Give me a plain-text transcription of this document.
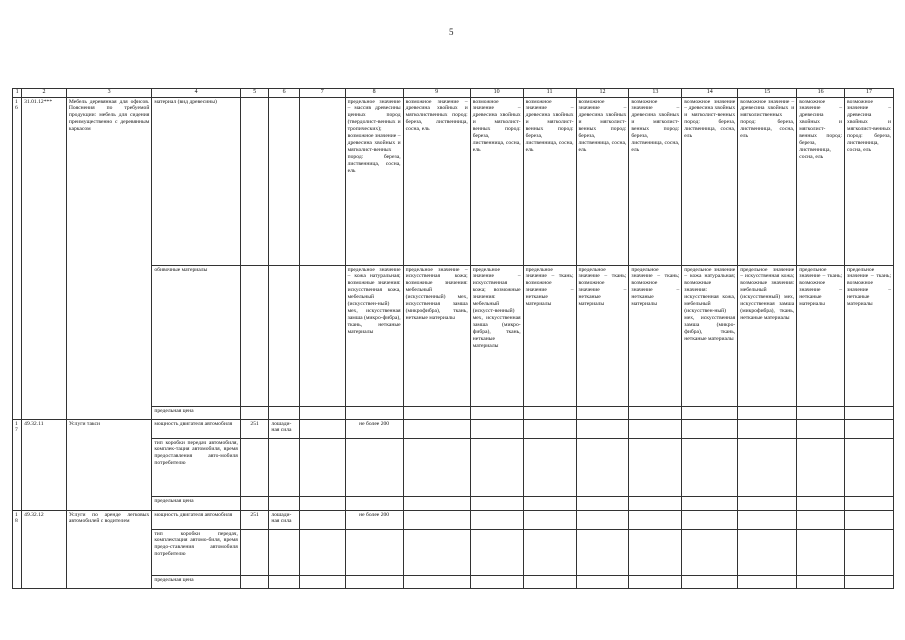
5
1	2	3	4	5	6	7	8	9	10	11	12	13	14	15	16	17
16	31.01.12***	Мебель деревянная для офисов. Пояснения по требуемой продукции: мебель для сидения преимущественно с деревянным каркасом	материал (вид древесины)				предельное значение – массив древесины ценных пород (твердолист-венных и тропических); возможное значение – древесина хвойных и мягколист-венных пород: береза, лиственница, сосна, ель	возможное значение – древесина хвойных и мягколиственных пород: береза, лиственница, сосна, ель	возможное значение – древесина хвойных и мягколист-венных пород: береза, лиственница, сосна, ель	возможное значение – древесина хвойных и мягколист-венных пород: береза, лиственница, сосна, ель	возможное значение – древесина хвойных и мягколист-венных пород: береза, лиственница, сосна, ель	возможное значение – древесина хвойных и мягколист-венных пород: береза, лиственница, сосна, ель	возможное значение – древесина хвойных и мягколист-венных пород: береза, лиственница, сосна, ель	возможное значение – древесина хвойных и мягколиственных пород: береза, лиственница, сосна, ель	возможное значение – древесина хвойных и мягколист-венных пород: береза, лиственница, сосна, ель	возможное значение – древесина хвойных и мягколист-венных пород: береза, лиственница, сосна, ель
			обивочные материалы				предельное значение – кожа натуральная; возможные значения: искусственная кожа, мебельный (искусствен-ный) мех, искусственная замша (микро-фибра), ткань, нетканые материалы	предельное значение – искусственная кожа; возможные значения: мебельный (искусственный) мех, искусственная замша (микрофибра), ткань, нетканые материалы	предельное значение – искусственная кожа; возможные значения: мебельный (искусст-венный) мех, искусственная замша (микро-фибра), ткань, нетканые материалы	предельное значение – ткань; возможное значение – нетканые материалы	предельное значение – ткань; возможное значение – нетканые материалы	предельное значение – ткань; возможное значение – нетканые материалы	предельное значение – кожа натуральная; возможные значения: искусственная кожа, мебельный (искусствен-ный) мех, искусственная замша (микро-фибра), ткань, нетканые материалы	предельное значение – искусственная кожа; возможные значения: мебельный (искусственный) мех, искусственная замша (микрофибра), ткань, нетканые материалы	предельное значение – ткань; возможное значение – нетканые материалы	предельное значение – ткань; возможное значение – нетканые материалы
			предельная цена													
17	49.32.11	Услуги такси	мощность двигателя автомобиля	251	лошади-ная сила		не более 200									
			тип коробки передач автомобиля, комплек-тация автомобиля, время предоставления авто-мобиля потребителю													
			предельная цена													
18	49.32.12	Услуги по аренде легковых автомобилей с водителем	мощность двигателя автомобиля	251	лошади-ная сила		не более 200									
			тип коробки передач, комплектация автомо-биля, время предо-ставления автомобиля потребителю													
			предельная цена													
